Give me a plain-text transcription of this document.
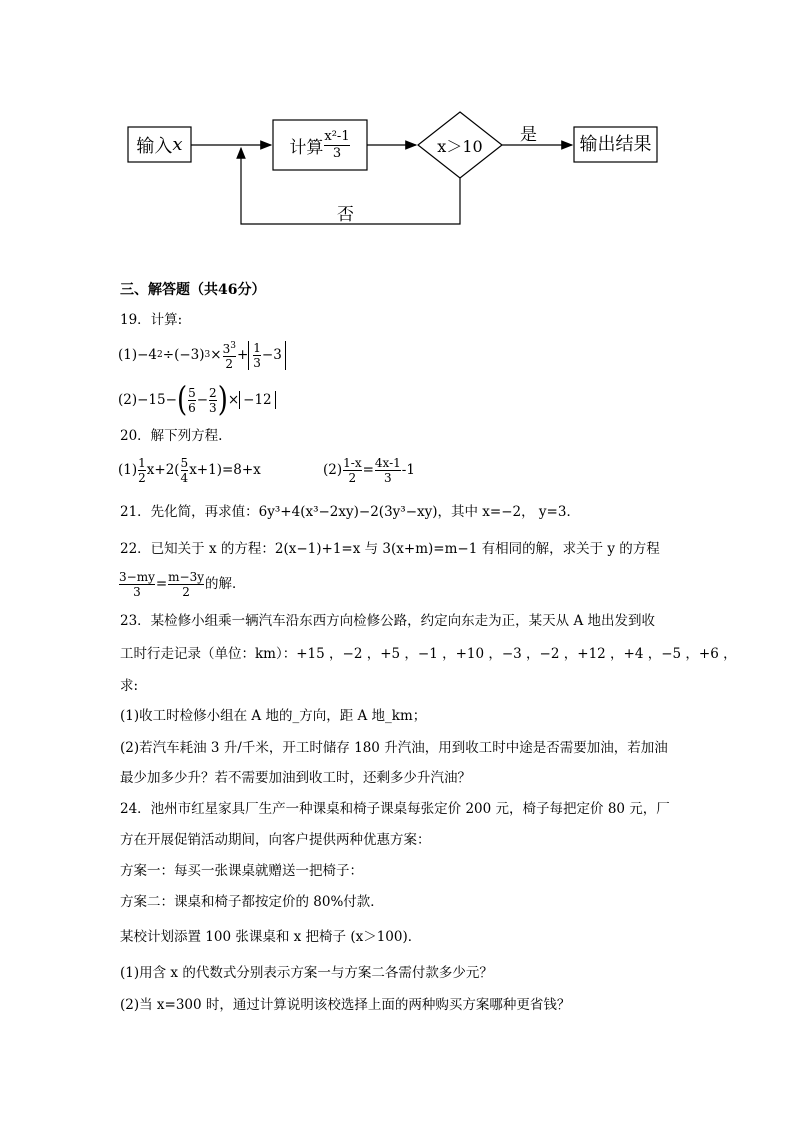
输入 x	计算 $\frac{\text{x²-1}}{3}$	x＞10	输出结果
是
否
三、解答题（共46分）
19．计算:
(1)−4 2 ÷(−3) $3 \times \frac{3^3}{2} + \frac{1}{3} -3$
(2)−15− ( $\frac{5}{6} - \frac{2}{3}$ ) × −12
20．解下列方程.
$(1) \frac{1}{2} x+2( \frac{5}{4} x+1)=8+x$	$(2) \frac{1-x}{2} = \frac{4x-1}{3} -1$
21．先化简，再求值：6y³+4(x³−2xy)−2(3y³−xy)，其中 x=−2， y=3．
22．已知关于 x 的方程：2(x−1)+1=x 与 3(x+m)=m−1 有相同的解，求关于 y 的方程
$\frac{3-my}{3} = \frac{m-3y}{2}$ 的解．
23．某检修小组乘一辆汽车沿东西方向检修公路，约定向东走为正，某天从 A 地出发到收
工时行走记录（单位：km）：+15 ，−2 ，+5 ，−1 ，+10 ，−3 ，−2 ，+12 ，+4 ，−5 ，+6 ，
求:
(1)收工时检修小组在 A 地的_方向，距 A 地_km；
(2)若汽车耗油 3 升/千米，开工时储存 180 升汽油，用到收工时中途是否需要加油，若加油
最少加多少升？若不需要加油到收工时，还剩多少升汽油？
24．池州市红星家具厂生产一种课桌和椅子课桌每张定价 200 元，椅子每把定价 80 元，厂
方在开展促销活动期间，向客户提供两种优惠方案：
方案一：每买一张课桌就赠送一把椅子：
方案二：课桌和椅子都按定价的 80%付款．
某校计划添置 100 张课桌和 x 把椅子 (x＞100)．
(1)用含 x 的代数式分别表示方案一与方案二各需付款多少元？
(2)当 x=300 时，通过计算说明该校选择上面的两种购买方案哪种更省钱？
